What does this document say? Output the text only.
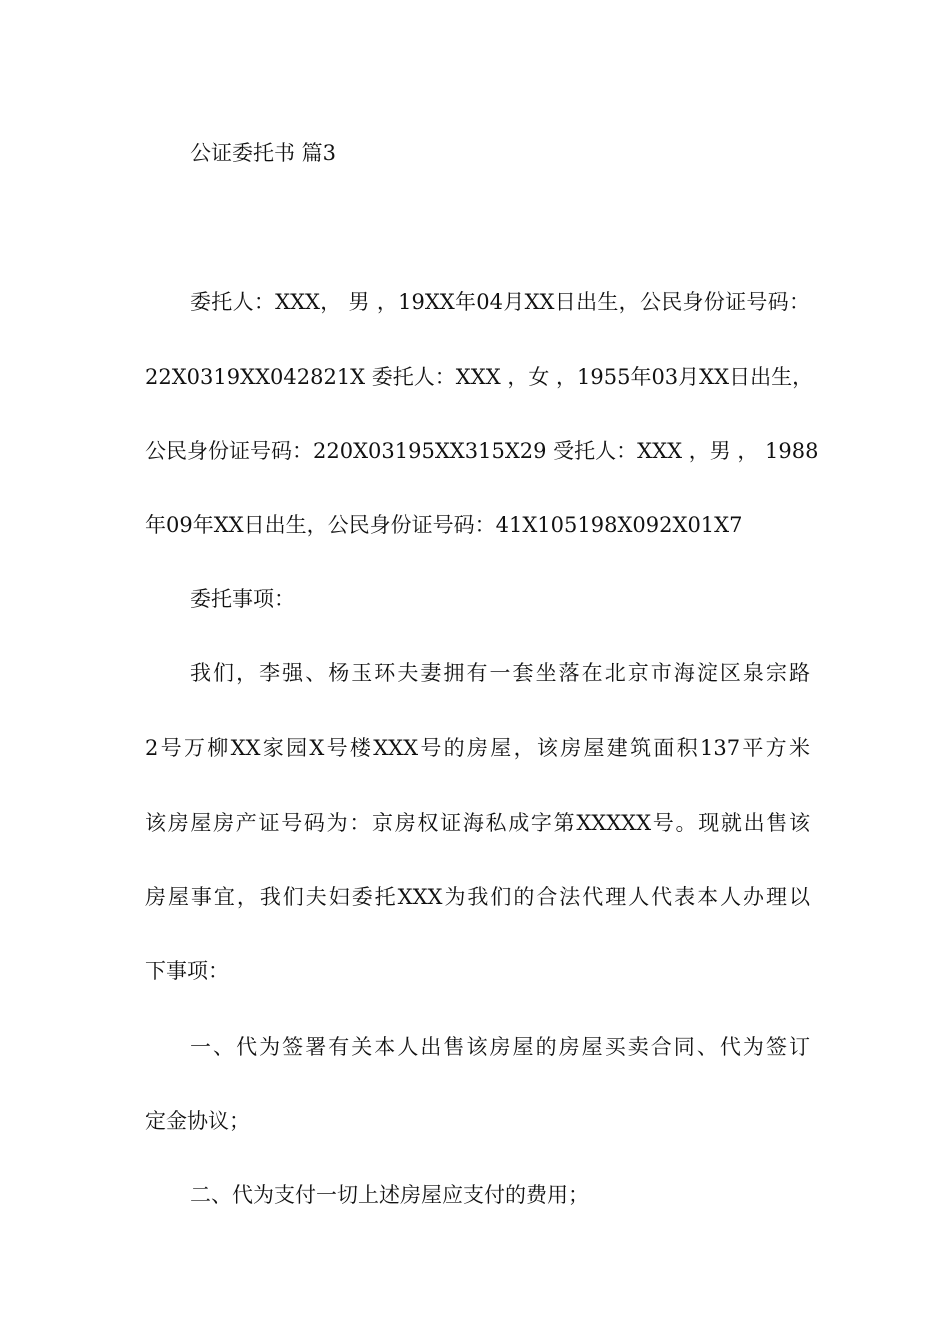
公证委托书 篇3
委托人：XXX， 男 ，19XX年04月XX日出生，公民身份证号码：
22X0319XX042821X 委托人：XXX ，女 ，1955年03月XX日出生，
公民身份证号码：220X03195XX315X29 受托人：XXX ，男 ， 1988
年09年XX日出生，公民身份证号码：41X105198X092X01X7
委托事项：
我们，李强、杨玉环夫妻拥有一套坐落在北京市海淀区泉宗路
2号万柳XX家园X号楼XXX号的房屋，该房屋建筑面积137平方米
该房屋房产证号码为：京房权证海私成字第XXXXX号。现就出售该
房屋事宜，我们夫妇委托XXX为我们的合法代理人代表本人办理以
下事项：
一、代为签署有关本人出售该房屋的房屋买卖合同、代为签订
定金协议；
二、代为支付一切上述房屋应支付的费用；
